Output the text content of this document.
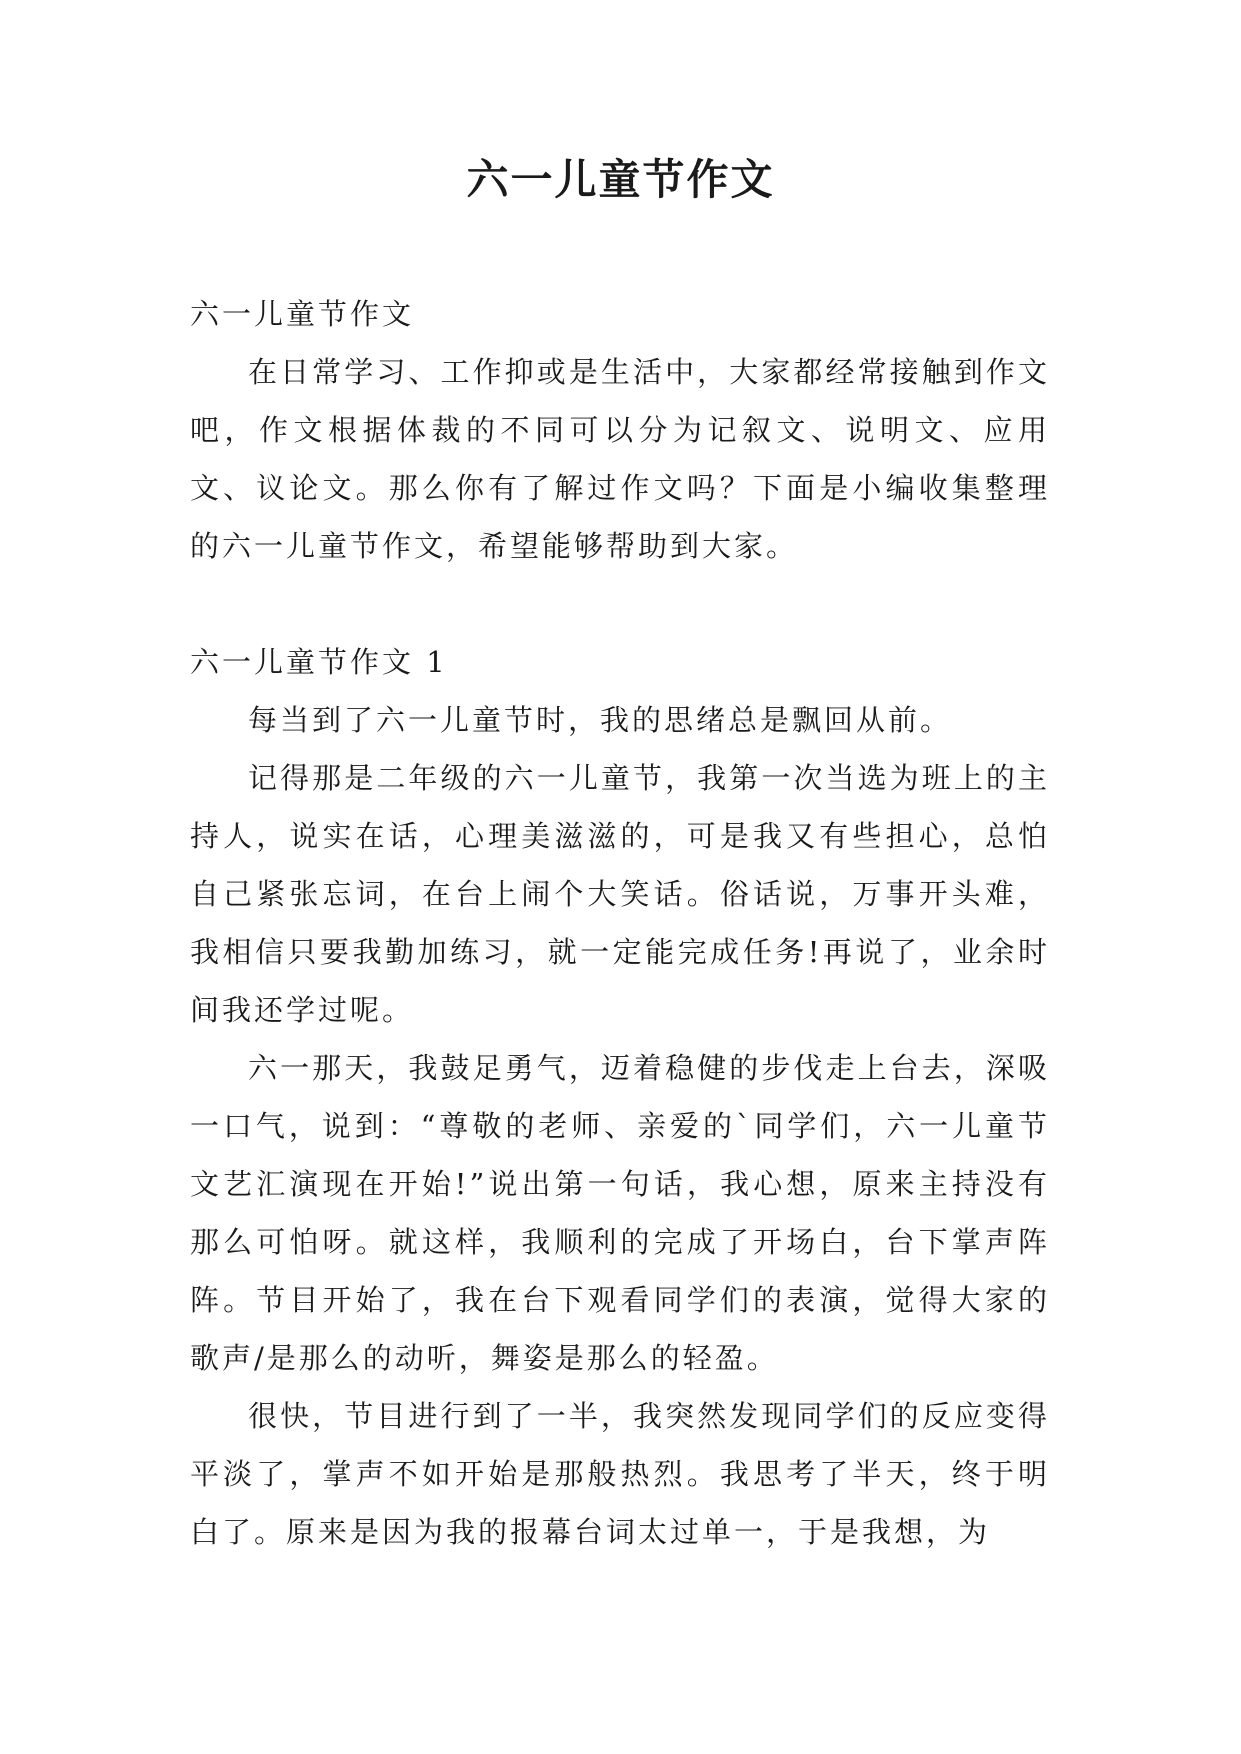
六一儿童节作文

六一儿童节作文

在日常学习、工作抑或是生活中，大家都经常接触到作文吧，作文根据体裁的不同可以分为记叙文、说明文、应用文、议论文。那么你有了解过作文吗？下面是小编收集整理的六一儿童节作文，希望能够帮助到大家。

六一儿童节作文 1

每当到了六一儿童节时，我的思绪总是飘回从前。

记得那是二年级的六一儿童节，我第一次当选为班上的主持人，说实在话，心理美滋滋的，可是我又有些担心，总怕自己紧张忘词，在台上闹个大笑话。俗话说，万事开头难，我相信只要我勤加练习，就一定能完成任务!再说了，业余时间我还学过呢。

六一那天，我鼓足勇气，迈着稳健的步伐走上台去，深吸一口气，说到：“尊敬的老师、亲爱的`同学们，六一儿童节文艺汇演现在开始!”说出第一句话，我心想，原来主持没有那么可怕呀。就这样，我顺利的完成了开场白，台下掌声阵阵。节目开始了，我在台下观看同学们的表演，觉得大家的歌声/是那么的动听，舞姿是那么的轻盈。

很快，节目进行到了一半，我突然发现同学们的反应变得平淡了，掌声不如开始是那般热烈。我思考了半天，终于明白了。原来是因为我的报幕台词太过单一，于是我想，为
